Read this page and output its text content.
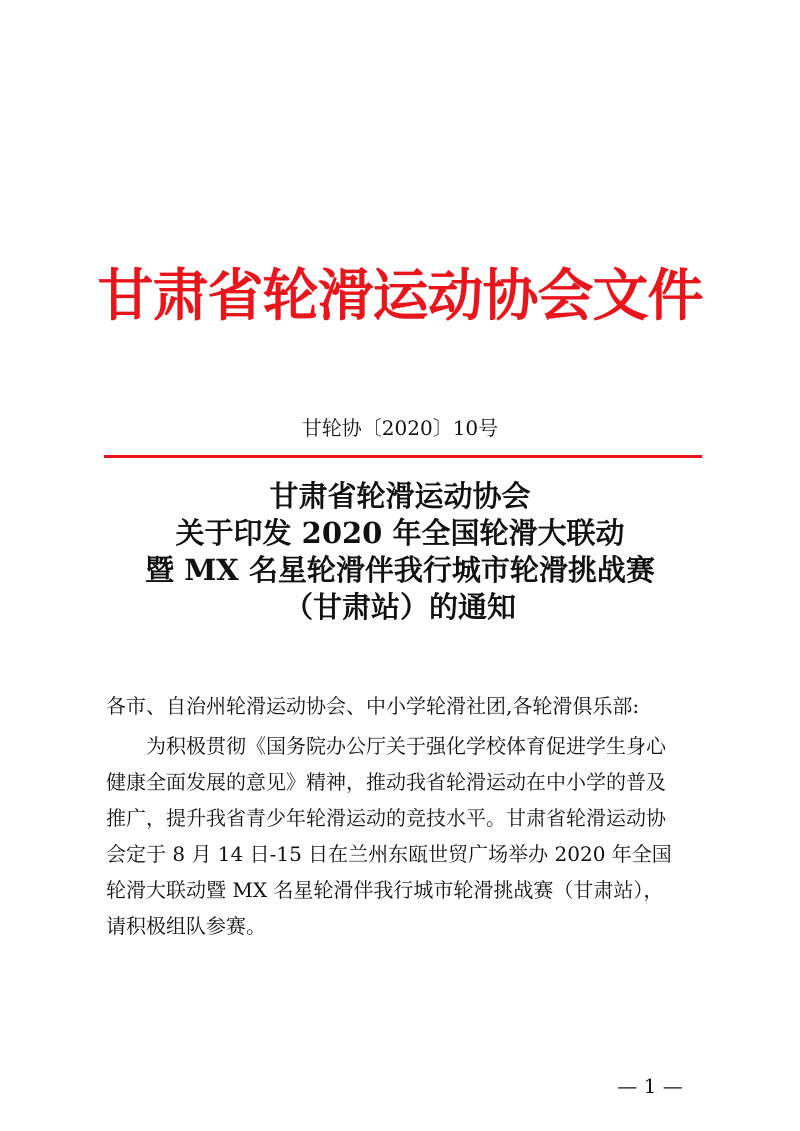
甘肃省轮滑运动协会文件
甘轮协〔2020〕10号
甘肃省轮滑运动协会
关于印发 2020 年全国轮滑大联动
暨 MX 名星轮滑伴我行城市轮滑挑战赛
（甘肃站）的通知
各市、自治州轮滑运动协会、中小学轮滑社团,各轮滑俱乐部:
为积极贯彻《国务院办公厅关于强化学校体育促进学生身心
健康全面发展的意见》精神，推动我省轮滑运动在中小学的普及
推广，提升我省青少年轮滑运动的竞技水平。甘肃省轮滑运动协
会定于 8 月 14 日-15 日在兰州东瓯世贸广场举办 2020 年全国
轮滑大联动暨 MX 名星轮滑伴我行城市轮滑挑战赛（甘肃站），
请积极组队参赛。
— 1 —
